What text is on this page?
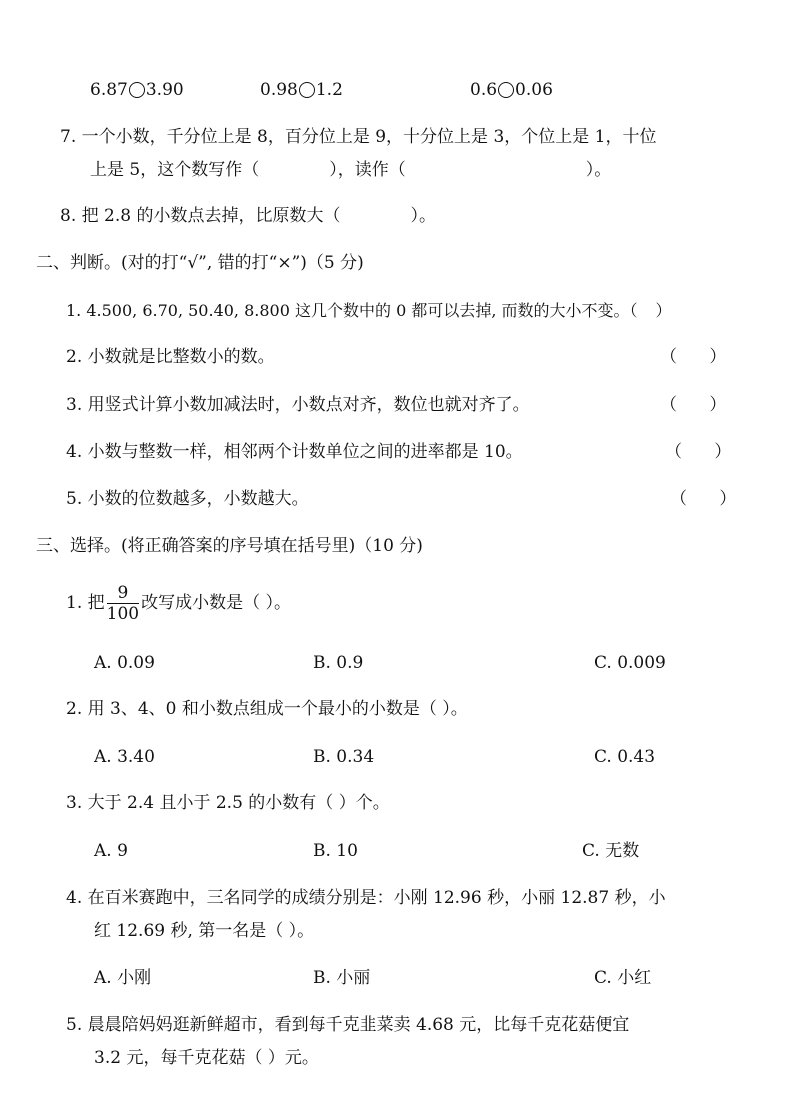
6.87 3.90	0.98 1.2	0.6 0.06
7. 一个小数，千分位上是 8，百分位上是 9，十分位上是 3，个位上是 1，十位
上是 5，这个数写作（	），读作（	）。
8. 把 2.8 的小数点去掉，比原数大（	）。
二、判断。(对的打“√”, 错的打“×”)（5 分)
1. 4.500, 6.70, 50.40, 8.800 这几个数中的 0 都可以去掉, 而数的大小不变。（ ）
2. 小数就是比整数小的数。	（      ）
3. 用竖式计算小数加减法时，小数点对齐，数位也就对齐了。	（      ）
4. 小数与整数一样，相邻两个计数单位之间的进率都是 10。	（      ）
5. 小数的位数越多，小数越大。	（      ）
三、选择。(将正确答案的序号填在括号里)（10 分)
1. 把 $\frac{9}{100}$ 改写成小数是（ ）。
A. 0.09	B. 0.9	C. 0.009
2. 用 3、4、0 和小数点组成一个最小的小数是（ ）。
A. 3.40	B. 0.34	C. 0.43
3. 大于 2.4 且小于 2.5 的小数有（ ）个。
A. 9	B. 10	C. 无数
4. 在百米赛跑中，三名同学的成绩分别是：小刚 12.96 秒，小丽 12.87 秒，小
红 12.69 秒, 第一名是（ ）。
A. 小刚	B. 小丽	C. 小红
5. 晨晨陪妈妈逛新鲜超市，看到每千克韭菜卖 4.68 元，比每千克花菇便宜
3.2 元，每千克花菇（ ）元。
